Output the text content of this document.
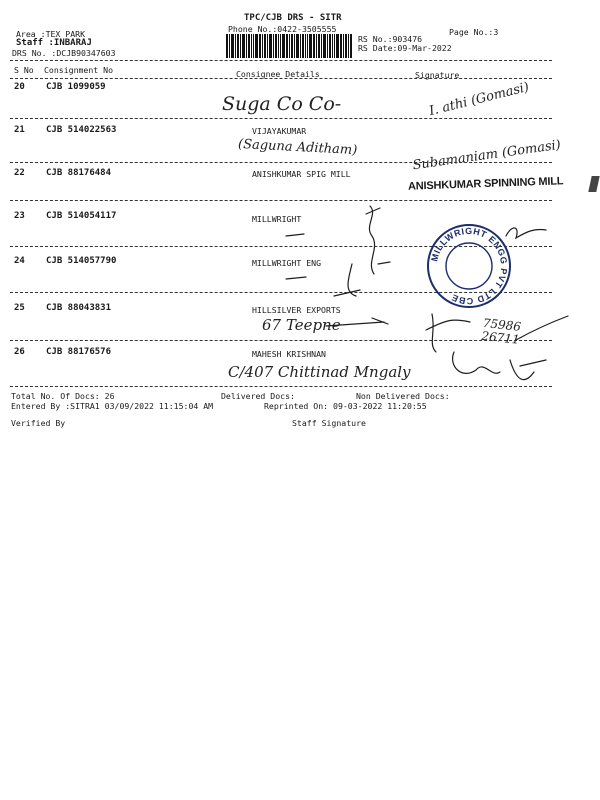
Area :TEX PARK
Staff :INBARAJ
DRS No. :DCJB90347603
TPC/CJB DRS - SITR
Phone No.:0422-3505555
RS No.:903476
RS Date:09-Mar-2022
Page No.:3
S No Consignment No	Consignee Details	Signature
20 CJB 1099059
Suga Co Co-	I. athi (Gomasi)
21 CJB 514022563	VIJAYAKUMAR
(Saguna Aditham)	Subamaniam (Gomasi)
22 CJB 88176484	ANISHKUMAR SPIG MILL
ANISHKUMAR SPINNING MILL
23 CJB 514054117	MILLWRIGHT
24 CJB 514057790	MILLWRIGHT ENG
25 CJB 88043831	HILLSILVER EXPORTS
67 Teepne	75986 26711
26 CJB 88176576	MAHESH KRISHNAN
C/407 Chittinad Mngaly
MILLWRIGHT ENGG PVT LTD CBE
Total No. Of Docs: 26	Delivered Docs:	Non Delivered Docs:
Entered By :SITRA1 03/09/2022 11:15:04 AM	Reprinted On: 09-03-2022 11:20:55
Verified By	Staff Signature
